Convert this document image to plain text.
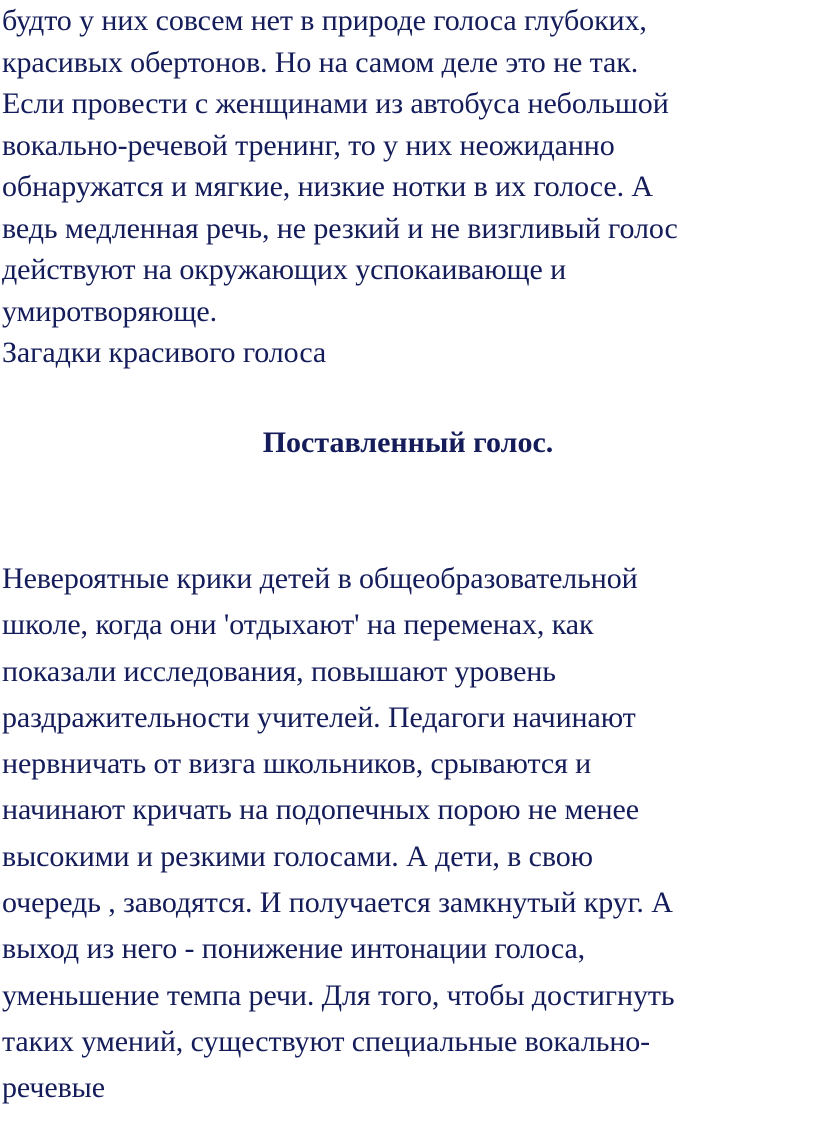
будто у них совсем нет в природе голоса глубоких,
красивых обертонов. Но на самом деле это не так.
Если провести с женщинами из автобуса небольшой
вокально-речевой тренинг, то у них неожиданно
обнаружатся и мягкие, низкие нотки в их голосе. А
ведь медленная речь, не резкий и не визгливый голос
действуют на окружающих успокаивающе и
умиротворяюще.
Загадки красивого голоса

Поставленный голос.

Невероятные крики детей в общеобразовательной
школе, когда они 'отдыхают' на переменах, как
показали исследования, повышают уровень
раздражительности учителей. Педагоги начинают
нервничать от визга школьников, срываются и
начинают кричать на подопечных порою не менее
высокими и резкими голосами. А дети, в свою
очередь , заводятся. И получается замкнутый круг. А
выход из него - понижение интонации голоса,
уменьшение темпа речи. Для того, чтобы достигнуть
таких умений, существуют специальные вокально-
речевые
